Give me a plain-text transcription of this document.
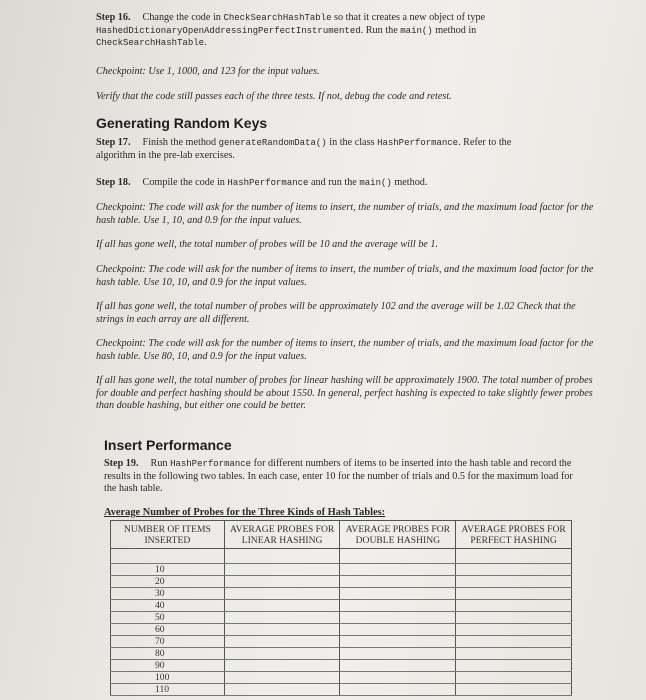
Step 16. Change the code in CheckSearchHashTable so that it creates a new object of type
HashedDictionaryOpenAddressingPerfectInstrumented. Run the main() method in
CheckSearchHashTable.

Checkpoint: Use 1, 1000, and 123 for the input values.
Verify that the code still passes each of the three tests. If not, debug the code and retest.
Generating Random Keys
Step 17. Finish the method generateRandomData() in the class HashPerformance. Refer to the
algorithm in the pre-lab exercises.
Step 18. Compile the code in HashPerformance and run the main() method.
Checkpoint: The code will ask for the number of items to insert, the number of trials, and the maximum load factor for the hash table. Use 1, 10, and 0.9 for the input values.
If all has gone well, the total number of probes will be 10 and the average will be 1.
Checkpoint: The code will ask for the number of items to insert, the number of trials, and the maximum load factor for the hash table. Use 10, 10, and 0.9 for the input values.
If all has gone well, the total number of probes will be approximately 102 and the average will be 1.02 Check that the strings in each array are all different.
Checkpoint: The code will ask for the number of items to insert, the number of trials, and the maximum load factor for the hash table. Use 80, 10, and 0.9 for the input values.
If all has gone well, the total number of probes for linear hashing will be approximately 1900. The total number of probes for double and perfect hashing should be about 1550. In general, perfect hashing is expected to take slightly fewer probes than double hashing, but either one could be better.
Insert Performance
Step 19. Run HashPerformance for different numbers of items to be inserted into the hash table and record the results in the following two tables. In each case, enter 10 for the number of trials and 0.5 for the maximum load for the hash table.
Average Number of Probes for the Three Kinds of Hash Tables:
NUMBER OF ITEMS INSERTED	AVERAGE PROBES FOR LINEAR HASHING	AVERAGE PROBES FOR DOUBLE HASHING	AVERAGE PROBES FOR PERFECT HASHING

10			
20			
30			
40			
50			
60			
70			
80			
90			
100			
110			
